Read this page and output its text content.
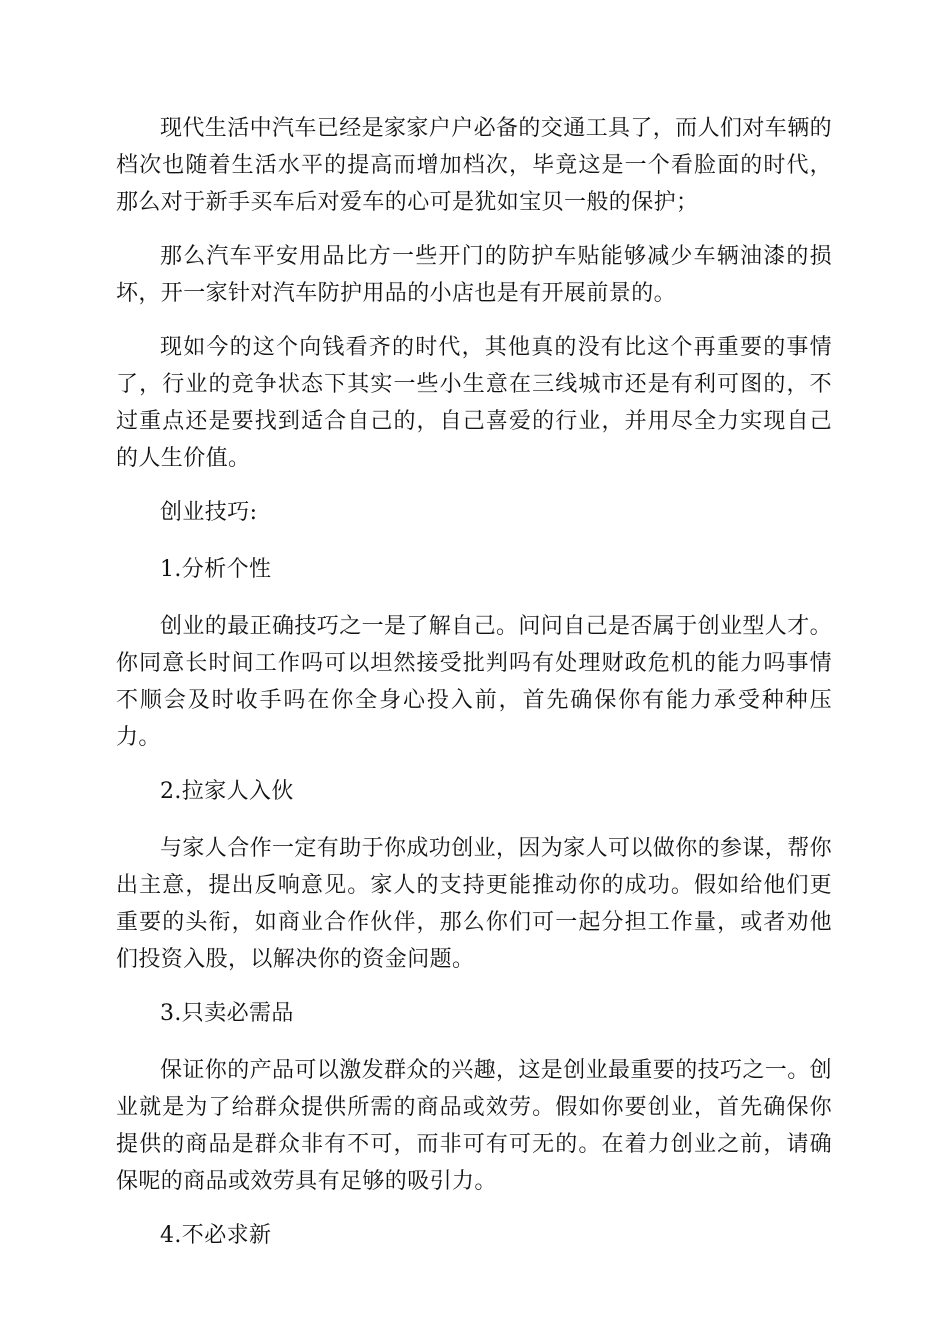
现代生活中汽车已经是家家户户必备的交通工具了，而人们对车辆的档次也随着生活水平的提高而增加档次，毕竟这是一个看脸面的时代，那么对于新手买车后对爱车的心可是犹如宝贝一般的保护；

那么汽车平安用品比方一些开门的防护车贴能够减少车辆油漆的损坏，开一家针对汽车防护用品的小店也是有开展前景的。

现如今的这个向钱看齐的时代，其他真的没有比这个再重要的事情了，行业的竞争状态下其实一些小生意在三线城市还是有利可图的，不过重点还是要找到适合自己的，自己喜爱的行业，并用尽全力实现自己的人生价值。

创业技巧:

1.分析个性

创业的最正确技巧之一是了解自己。问问自己是否属于创业型人才。你同意长时间工作吗可以坦然接受批判吗有处理财政危机的能力吗事情不顺会及时收手吗在你全身心投入前，首先确保你有能力承受种种压力。

2.拉家人入伙

与家人合作一定有助于你成功创业，因为家人可以做你的参谋，帮你出主意，提出反响意见。家人的支持更能推动你的成功。假如给他们更重要的头衔，如商业合作伙伴，那么你们可一起分担工作量，或者劝他们投资入股，以解决你的资金问题。

3.只卖必需品

保证你的产品可以激发群众的兴趣，这是创业最重要的技巧之一。创业就是为了给群众提供所需的商品或效劳。假如你要创业，首先确保你提供的商品是群众非有不可，而非可有可无的。在着力创业之前，请确保呢的商品或效劳具有足够的吸引力。

4.不必求新
